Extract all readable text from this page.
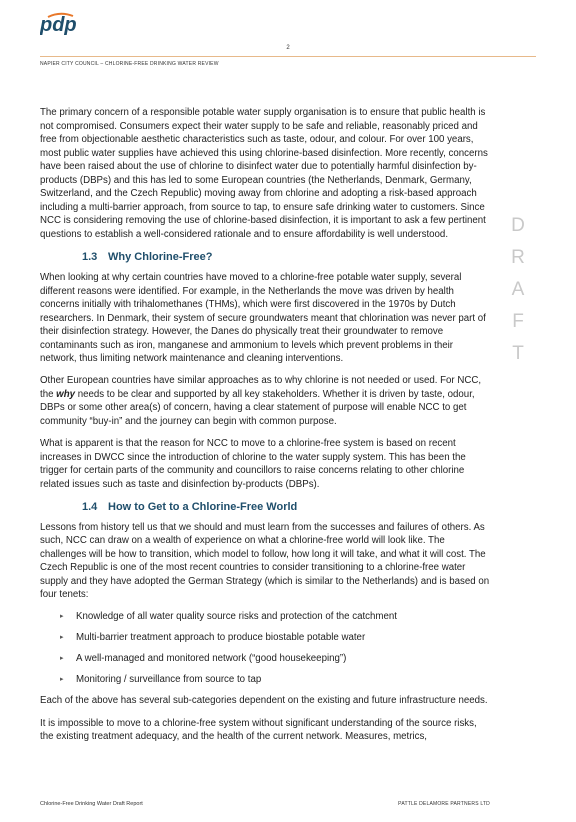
pdp
2
NAPIER CITY COUNCIL – CHLORINE-FREE DRINKING WATER REVIEW
D
R
A
F
T

The primary concern of a responsible potable water supply organisation is to ensure that public health is not compromised. Consumers expect their water supply to be safe and reliable, reasonably priced and free from objectionable aesthetic characteristics such as taste, odour, and colour. For over 100 years, most public water supplies have achieved this using chlorine-based disinfection. More recently, concerns have been raised about the use of chlorine to disinfect water due to potentially harmful disinfection by-products (DBPs) and this has led to some European countries (the Netherlands, Denmark, Germany, Switzerland, and the Czech Republic) moving away from chlorine and adopting a risk-based approach including a multi-barrier approach, from source to tap, to ensure safe drinking water to customers. Since NCC is considering removing the use of chlorine-based disinfection, it is important to ask a few pertinent questions to establish a well-considered rationale and to ensure affordability is well understood.

1.3 Why Chlorine-Free?

When looking at why certain countries have moved to a chlorine-free potable water supply, several different reasons were identified. For example, in the Netherlands the move was driven by health concerns initially with trihalomethanes (THMs), which were first discovered in the 1970s by Dutch researchers. In Denmark, their system of secure groundwaters meant that chlorination was never part of their disinfection strategy. However, the Danes do physically treat their groundwater to remove contaminants such as iron, manganese and ammonium to levels which prevent problems in their network, thus limiting network maintenance and cleaning interventions.

Other European countries have similar approaches as to why chlorine is not needed or used. For NCC, the why needs to be clear and supported by all key stakeholders. Whether it is driven by taste, odour, DBPs or some other area(s) of concern, having a clear statement of purpose will enable NCC to get community “buy-in” and the journey can begin with common purpose.

What is apparent is that the reason for NCC to move to a chlorine-free system is based on recent increases in DWCC since the introduction of chlorine to the water supply system. This has been the trigger for certain parts of the community and councillors to raise concerns relating to other chlorine related issues such as taste and disinfection by-products (DBPs).

1.4 How to Get to a Chlorine-Free World

Lessons from history tell us that we should and must learn from the successes and failures of others. As such, NCC can draw on a wealth of experience on what a chlorine-free world will look like. The challenges will be how to transition, which model to follow, how long it will take, and what it will cost. The Czech Republic is one of the most recent countries to consider transitioning to a chlorine-free water supply and they have adopted the German Strategy (which is similar to the Netherlands) and is based on four tenets:

▸ Knowledge of all water quality source risks and protection of the catchment
▸ Multi-barrier treatment approach to produce biostable potable water
▸ A well-managed and monitored network (“good housekeeping”)
▸ Monitoring / surveillance from source to tap

Each of the above has several sub-categories dependent on the existing and future infrastructure needs.

It is impossible to move to a chlorine-free system without significant understanding of the source risks, the existing treatment adequacy, and the health of the current network. Measures, metrics,

Chlorine-Free Drinking Water Draft Report	PATTLE DELAMORE PARTNERS LTD
